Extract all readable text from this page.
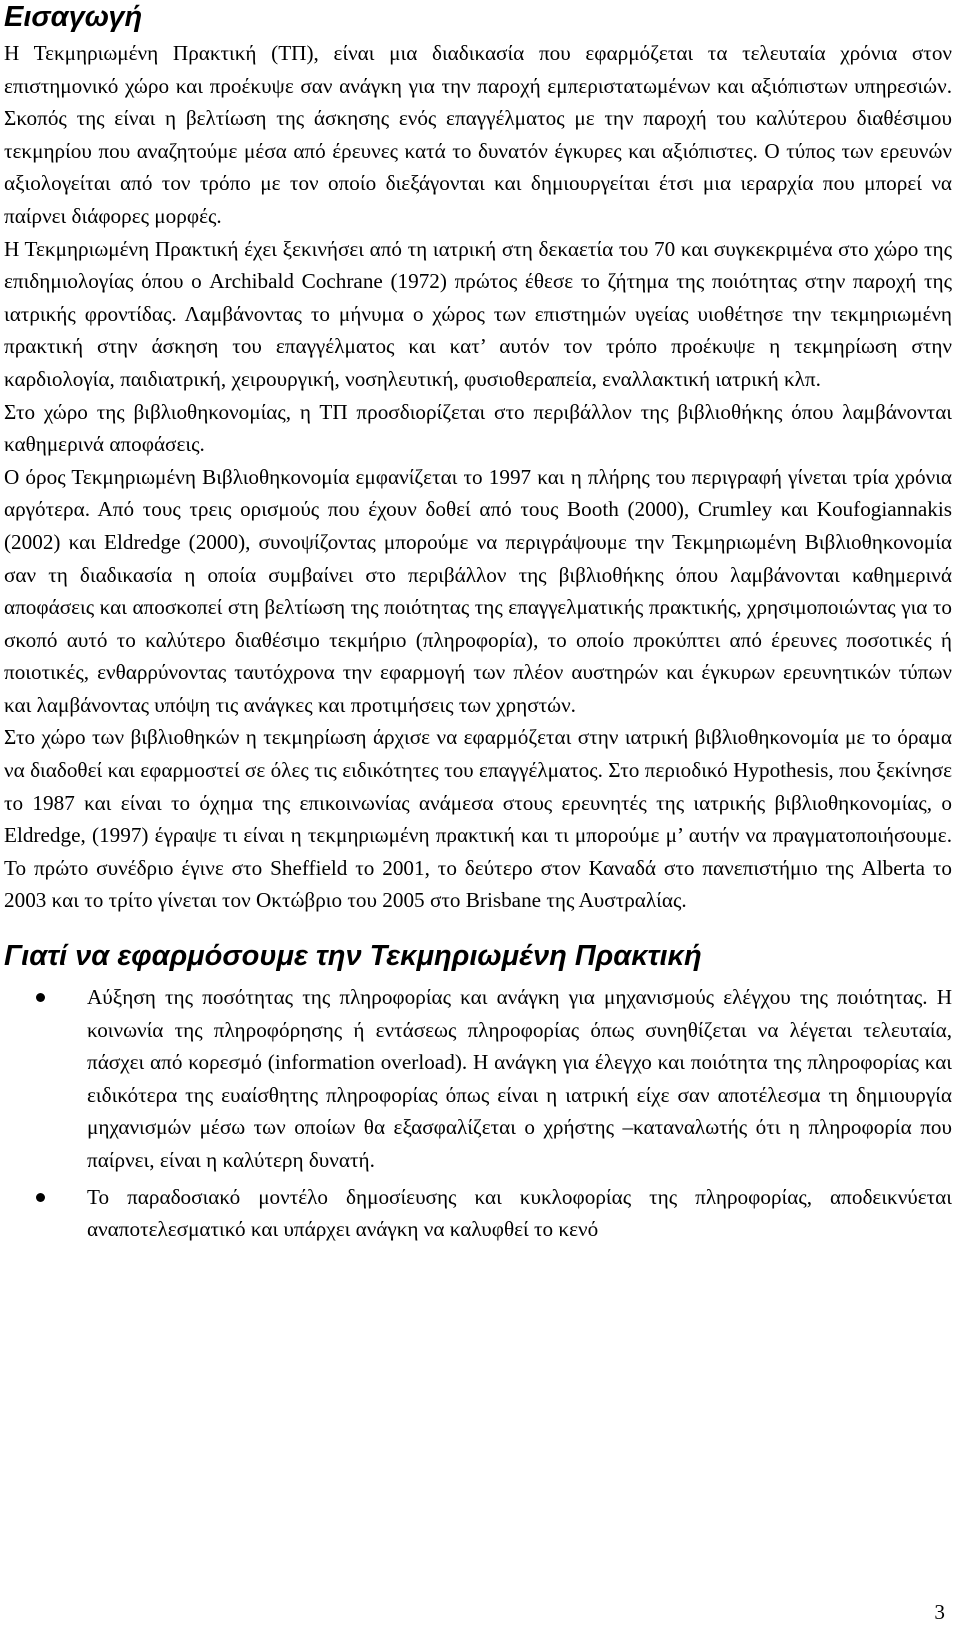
Εισαγωγή

Η Τεκμηριωμένη Πρακτική (ΤΠ), είναι μια διαδικασία που εφαρμόζεται τα τελευταία χρόνια στον επιστημονικό χώρο και προέκυψε σαν ανάγκη για την παροχή εμπεριστατωμένων και αξιόπιστων υπηρεσιών. Σκοπός της είναι η βελτίωση της άσκησης ενός επαγγέλματος με την παροχή του καλύτερου διαθέσιμου τεκμηρίου που αναζητούμε μέσα από έρευνες κατά το δυνατόν έγκυρες και αξιόπιστες. Ο τύπος των ερευνών αξιολογείται από τον τρόπο με τον οποίο διεξάγονται και δημιουργείται έτσι μια ιεραρχία που μπορεί να παίρνει διάφορες μορφές.

Η Τεκμηριωμένη Πρακτική έχει ξεκινήσει από τη ιατρική στη δεκαετία του 70 και συγκεκριμένα στο χώρο της επιδημιολογίας όπου ο Archibald Cochrane (1972) πρώτος έθεσε το ζήτημα της ποιότητας στην παροχή της ιατρικής φροντίδας. Λαμβάνοντας το μήνυμα ο χώρος των επιστημών υγείας υιοθέτησε την τεκμηριωμένη πρακτική στην άσκηση του επαγγέλματος και κατ’ αυτόν τον τρόπο προέκυψε η τεκμηρίωση στην καρδιολογία, παιδιατρική, χειρουργική, νοσηλευτική, φυσιοθεραπεία, εναλλακτική ιατρική κλπ.

Στο χώρο της βιβλιοθηκονομίας, η ΤΠ προσδιορίζεται στο περιβάλλον της βιβλιοθήκης όπου λαμβάνονται καθημερινά αποφάσεις.

Ο όρος Τεκμηριωμένη Βιβλιοθηκονομία εμφανίζεται το 1997 και η πλήρης του περιγραφή γίνεται τρία χρόνια αργότερα. Από τους τρεις ορισμούς που έχουν δοθεί από τους Booth (2000), Crumley και Koufogiannakis (2002) και Eldredge (2000), συνοψίζοντας μπορούμε να περιγράψουμε την Τεκμηριωμένη Βιβλιοθηκονομία σαν τη διαδικασία η οποία συμβαίνει στο περιβάλλον της βιβλιοθήκης όπου λαμβάνονται καθημερινά αποφάσεις και αποσκοπεί στη βελτίωση της ποιότητας της επαγγελματικής πρακτικής, χρησιμοποιώντας για το σκοπό αυτό το καλύτερο διαθέσιμο τεκμήριο (πληροφορία), το οποίο προκύπτει από έρευνες ποσοτικές ή ποιοτικές, ενθαρρύνοντας ταυτόχρονα την εφαρμογή των πλέον αυστηρών και έγκυρων ερευνητικών τύπων και λαμβάνοντας υπόψη τις ανάγκες και προτιμήσεις των χρηστών.

Στο χώρο των βιβλιοθηκών η τεκμηρίωση άρχισε να εφαρμόζεται στην ιατρική βιβλιοθηκονομία με το όραμα να διαδοθεί και εφαρμοστεί σε όλες τις ειδικότητες του επαγγέλματος. Στο περιοδικό Hypothesis, που ξεκίνησε το 1987 και είναι το όχημα της επικοινωνίας ανάμεσα στους ερευνητές της ιατρικής βιβλιοθηκονομίας, ο Eldredge, (1997) έγραψε τι είναι η τεκμηριωμένη πρακτική και τι μπορούμε μ’ αυτήν να πραγματοποιήσουμε. Το πρώτο συνέδριο έγινε στο Sheffield το 2001, το δεύτερο στον Καναδά στο πανεπιστήμιο της Alberta το 2003 και το τρίτο γίνεται τον Οκτώβριο του 2005 στο Brisbane της Αυστραλίας.

Γιατί να εφαρμόσουμε την Τεκμηριωμένη Πρακτική
Αύξηση της ποσότητας της πληροφορίας και ανάγκη για μηχανισμούς ελέγχου της ποιότητας. Η κοινωνία της πληροφόρησης ή εντάσεως πληροφορίας όπως συνηθίζεται να λέγεται τελευταία, πάσχει από κορεσμό (information overload). Η ανάγκη για έλεγχο και ποιότητα της πληροφορίας και ειδικότερα της ευαίσθητης πληροφορίας όπως είναι η ιατρική είχε σαν αποτέλεσμα τη δημιουργία μηχανισμών μέσω των οποίων θα εξασφαλίζεται ο χρήστης –καταναλωτής ότι η πληροφορία που παίρνει, είναι η καλύτερη δυνατή.
Το παραδοσιακό μοντέλο δημοσίευσης και κυκλοφορίας της πληροφορίας, αποδεικνύεται αναποτελεσματικό και υπάρχει ανάγκη να καλυφθεί το κενό
3
